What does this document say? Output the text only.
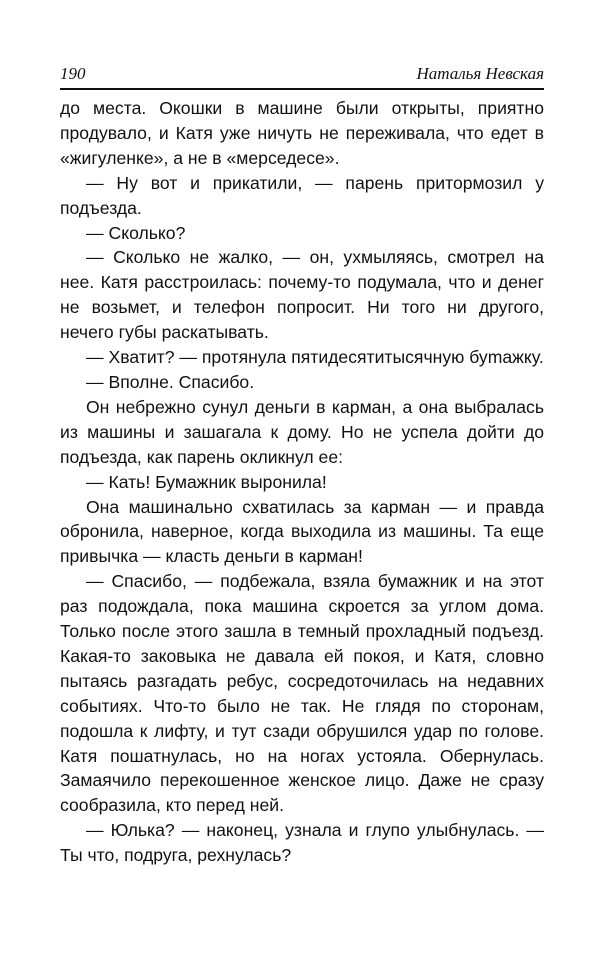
190	Наталья Невская

до места. Окошки в машине были открыты, приятно продувало, и Катя уже ничуть не переживала, что едет в «жигуленке», а не в «мерседесе».

— Ну вот и прикатили, — парень притормозил у подъезда.

— Сколько?

— Сколько не жалко, — он, ухмыляясь, смотрел на нее. Катя расстроилась: почему-то подумала, что и денег не возьмет, и телефон попросит. Ни того ни другого, нечего губы раскатывать.

— Хватит? — протянула пятидесятитысячную буmажку.

— Вполне. Спасибо.

Он небрежно сунул деньги в карман, а она выбралась из машины и зашагала к дому. Но не успела дойти до подъезда, как парень окликнул ее:

— Кать! Бумажник выронила!

Она машинально схватилась за карман — и правда обронила, наверное, когда выходила из машины. Та еще привычка — класть деньги в карман!

— Спасибо, — подбежала, взяла бумажник и на этот раз подождала, пока машина скроется за углом дома. Только после этого зашла в темный прохладный подъезд. Какая-то заковыка не давала ей покоя, и Катя, словно пытаясь разгадать ребус, сосредоточилась на недавних событиях. Что-то было не так. Не глядя по сторонам, подошла к лифту, и тут сзади обрушился удар по голове. Катя пошатнулась, но на ногах устояла. Обернулась. Замаячило перекошенное женское лицо. Даже не сразу сообразила, кто перед ней.

— Юлька? — наконец, узнала и глупо улыбнулась. — Ты что, подруга, рехнулась?
